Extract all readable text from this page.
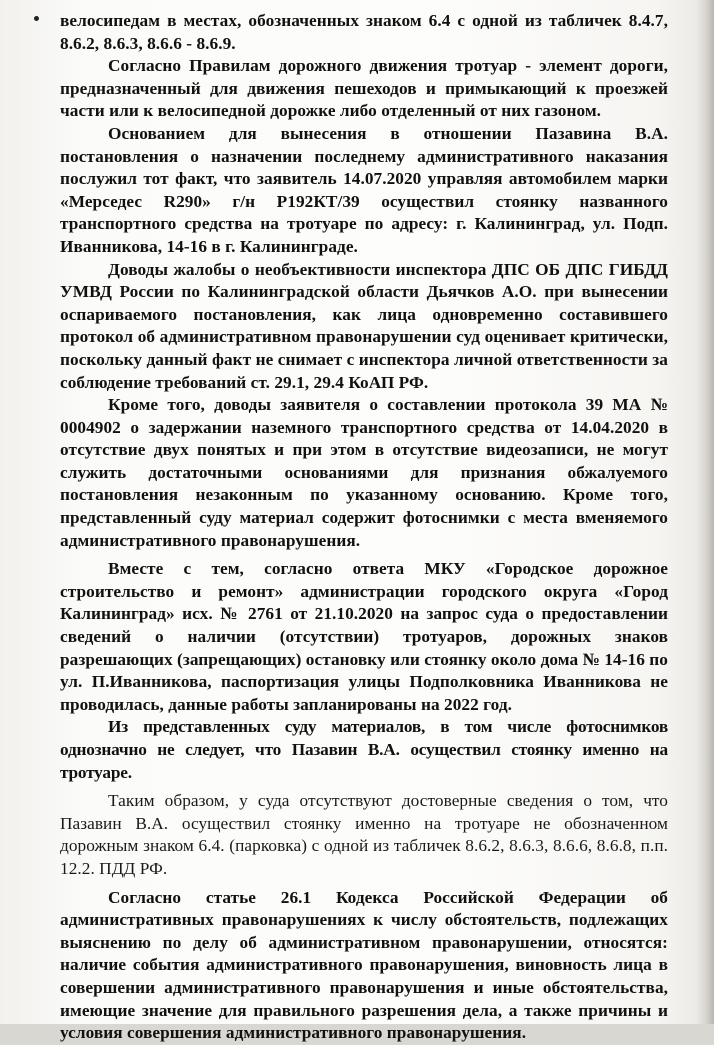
велосипедам в местах, обозначенных знаком 6.4 с одной из табличек 8.4.7, 8.6.2, 8.6.3, 8.6.6 - 8.6.9.

Согласно Правилам дорожного движения тротуар - элемент дороги, предназначенный для движения пешеходов и примыкающий к проезжей части или к велосипедной дорожке либо отделенный от них газоном.

Основанием для вынесения в отношении Пазавина В.А. постановления о назначении последнему административного наказания послужил тот факт, что заявитель 14.07.2020 управляя автомобилем марки «Мерседес R290» г/н Р192КТ/39 осуществил стоянку названного транспортного средства на тротуаре по адресу: г. Калининград, ул. Подп. Иванникова, 14-16 в г. Калининграде.

Доводы жалобы о необъективности инспектора ДПС ОБ ДПС ГИБДД УМВД России по Калининградской области Дьячков А.О. при вынесении оспариваемого постановления, как лица одновременно составившего протокол об административном правонарушении суд оценивает критически, поскольку данный факт не снимает с инспектора личной ответственности за соблюдение требований ст. 29.1, 29.4 КоАП РФ.

Кроме того, доводы заявителя о составлении протокола 39 МА № 0004902 о задержании наземного транспортного средства от 14.04.2020 в отсутствие двух понятых и при этом в отсутствие видеозаписи, не могут служить достаточными основаниями для признания обжалуемого постановления незаконным по указанному основанию. Кроме того, представленный суду материал содержит фотоснимки с места вменяемого административного правонарушения.

Вместе с тем, согласно ответа МКУ «Городское дорожное строительство и ремонт» администрации городского округа «Город Калининград» исх. № 2761 от 21.10.2020 на запрос суда о предоставлении сведений о наличии (отсутствии) тротуаров, дорожных знаков разрешающих (запрещающих) остановку или стоянку около дома № 14-16 по ул. П.Иванникова, паспортизация улицы Подполковника Иванникова не проводилась, данные работы запланированы на 2022 год.

Из представленных суду материалов, в том числе фотоснимков однозначно не следует, что Пазавин В.А. осуществил стоянку именно на тротуаре.

Таким образом, у суда отсутствуют достоверные сведения о том, что Пазавин В.А. осуществил стоянку именно на тротуаре не обозначенном дорожным знаком 6.4. (парковка) с одной из табличек 8.6.2, 8.6.3, 8.6.6, 8.6.8, п.п. 12.2. ПДД РФ.

Согласно статье 26.1 Кодекса Российской Федерации об административных правонарушениях к числу обстоятельств, подлежащих выяснению по делу об административном правонарушении, относятся: наличие события административного правонарушения, виновность лица в совершении административного правонарушения и иные обстоятельства, имеющие значение для правильного разрешения дела, а также причины и условия совершения административного правонарушения.
